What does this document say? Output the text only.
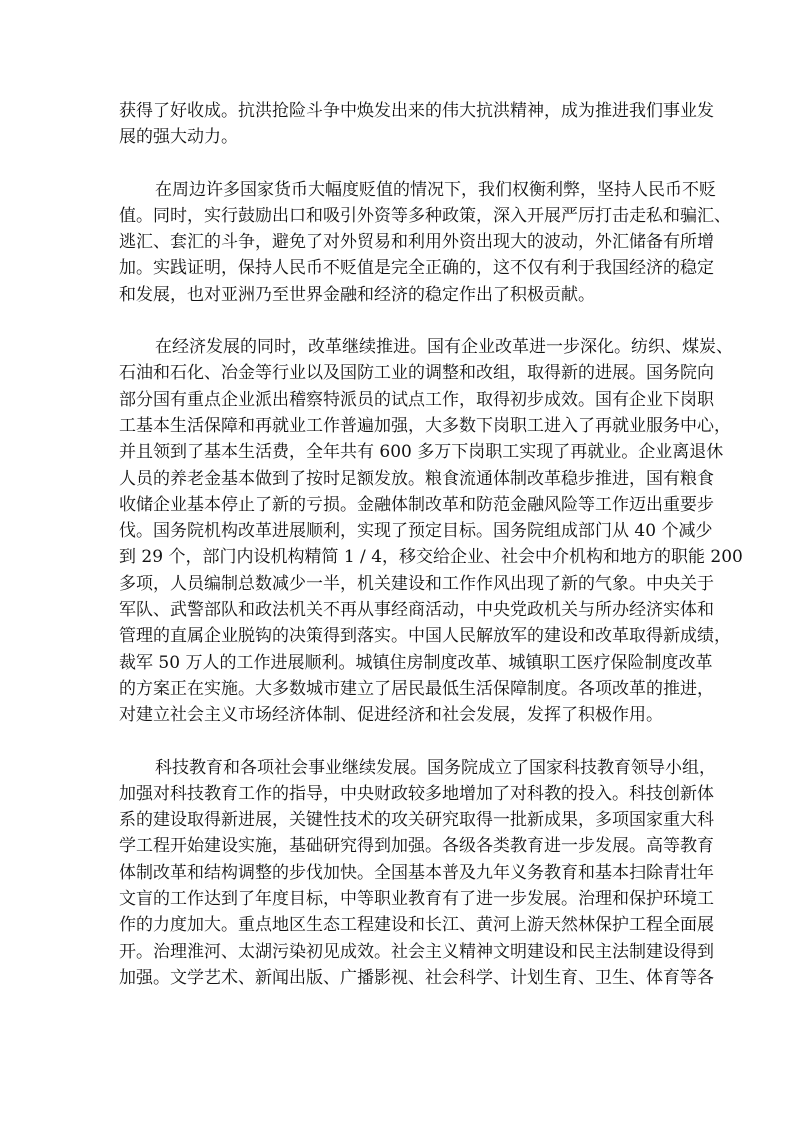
获得了好收成。抗洪抢险斗争中焕发出来的伟大抗洪精神，成为推进我们事业发
展的强大动力。
在周边许多国家货币大幅度贬值的情况下，我们权衡利弊，坚持人民币不贬
值。同时，实行鼓励出口和吸引外资等多种政策，深入开展严厉打击走私和骗汇、
逃汇、套汇的斗争，避免了对外贸易和利用外资出现大的波动，外汇储备有所增
加。实践证明，保持人民币不贬值是完全正确的，这不仅有利于我国经济的稳定
和发展，也对亚洲乃至世界金融和经济的稳定作出了积极贡献。
在经济发展的同时，改革继续推进。国有企业改革进一步深化。纺织、煤炭、
石油和石化、冶金等行业以及国防工业的调整和改组，取得新的进展。国务院向
部分国有重点企业派出稽察特派员的试点工作，取得初步成效。国有企业下岗职
工基本生活保障和再就业工作普遍加强，大多数下岗职工进入了再就业服务中心，
并且领到了基本生活费，全年共有 600 多万下岗职工实现了再就业。企业离退休
人员的养老金基本做到了按时足额发放。粮食流通体制改革稳步推进，国有粮食
收储企业基本停止了新的亏损。金融体制改革和防范金融风险等工作迈出重要步
伐。国务院机构改革进展顺利，实现了预定目标。国务院组成部门从 40 个减少
到 29 个，部门内设机构精简 1 / 4，移交给企业、社会中介机构和地方的职能 200
多项，人员编制总数减少一半，机关建设和工作作风出现了新的气象。中央关于
军队、武警部队和政法机关不再从事经商活动，中央党政机关与所办经济实体和
管理的直属企业脱钩的决策得到落实。中国人民解放军的建设和改革取得新成绩，
裁军 50 万人的工作进展顺利。城镇住房制度改革、城镇职工医疗保险制度改革
的方案正在实施。大多数城市建立了居民最低生活保障制度。各项改革的推进，
对建立社会主义市场经济体制、促进经济和社会发展，发挥了积极作用。
科技教育和各项社会事业继续发展。国务院成立了国家科技教育领导小组，
加强对科技教育工作的指导，中央财政较多地增加了对科教的投入。科技创新体
系的建设取得新进展，关键性技术的攻关研究取得一批新成果，多项国家重大科
学工程开始建设实施，基础研究得到加强。各级各类教育进一步发展。高等教育
体制改革和结构调整的步伐加快。全国基本普及九年义务教育和基本扫除青壮年
文盲的工作达到了年度目标，中等职业教育有了进一步发展。治理和保护环境工
作的力度加大。重点地区生态工程建设和长江、黄河上游天然林保护工程全面展
开。治理淮河、太湖污染初见成效。社会主义精神文明建设和民主法制建设得到
加强。文学艺术、新闻出版、广播影视、社会科学、计划生育、卫生、体育等各
